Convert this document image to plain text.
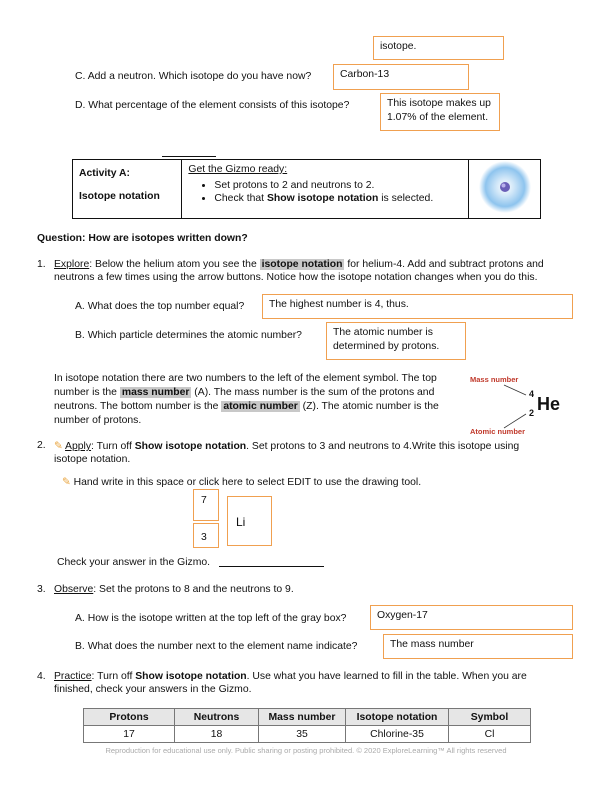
isotope.
C. Add a neutron. Which isotope do you have now?	Carbon-13
D. What percentage of the element consists of this isotope?	This isotope makes up 1.07% of the element.
Activity A:
Isotope notation

Get the Gizmo ready:
• Set protons to 2 and neutrons to 2.
• Check that Show isotope notation is selected.

Question: How are isotopes written down?
1. Explore: Below the helium atom you see the isotope notation for helium-4. Add and subtract protons and
neutrons a few times using the arrow buttons. Notice how the isotope notation changes when you do this.
A. What does the top number equal?	The highest number is 4, thus.
B. Which particle determines the atomic number?	The atomic number is determined by protons.
In isotope notation there are two numbers to the left of the element symbol. The top
number is the mass number (A). The mass number is the sum of the protons and
neutrons. The bottom number is the atomic number (Z). The atomic number is the
number of protons.
Mass number
4
2 He
Atomic number
2. ✎ Apply: Turn off Show isotope notation. Set protons to 3 and neutrons to 4.Write this isotope using
isotope notation.
✎ Hand write in this space or click here to select EDIT to use the drawing tool.
7
3
Li
Check your answer in the Gizmo.
3. Observe: Set the protons to 8 and the neutrons to 9.
A. How is the isotope written at the top left of the gray box?	Oxygen-17
B. What does the number next to the element name indicate?	The mass number
4. Practice: Turn off Show isotope notation. Use what you have learned to fill in the table. When you are
finished, check your answers in the Gizmo.
Protons	Neutrons	Mass number	Isotope notation	Symbol
17	18	35	Chlorine-35	Cl
Reproduction for educational use only. Public sharing or posting prohibited. © 2020 ExploreLearning™ All rights reserved
